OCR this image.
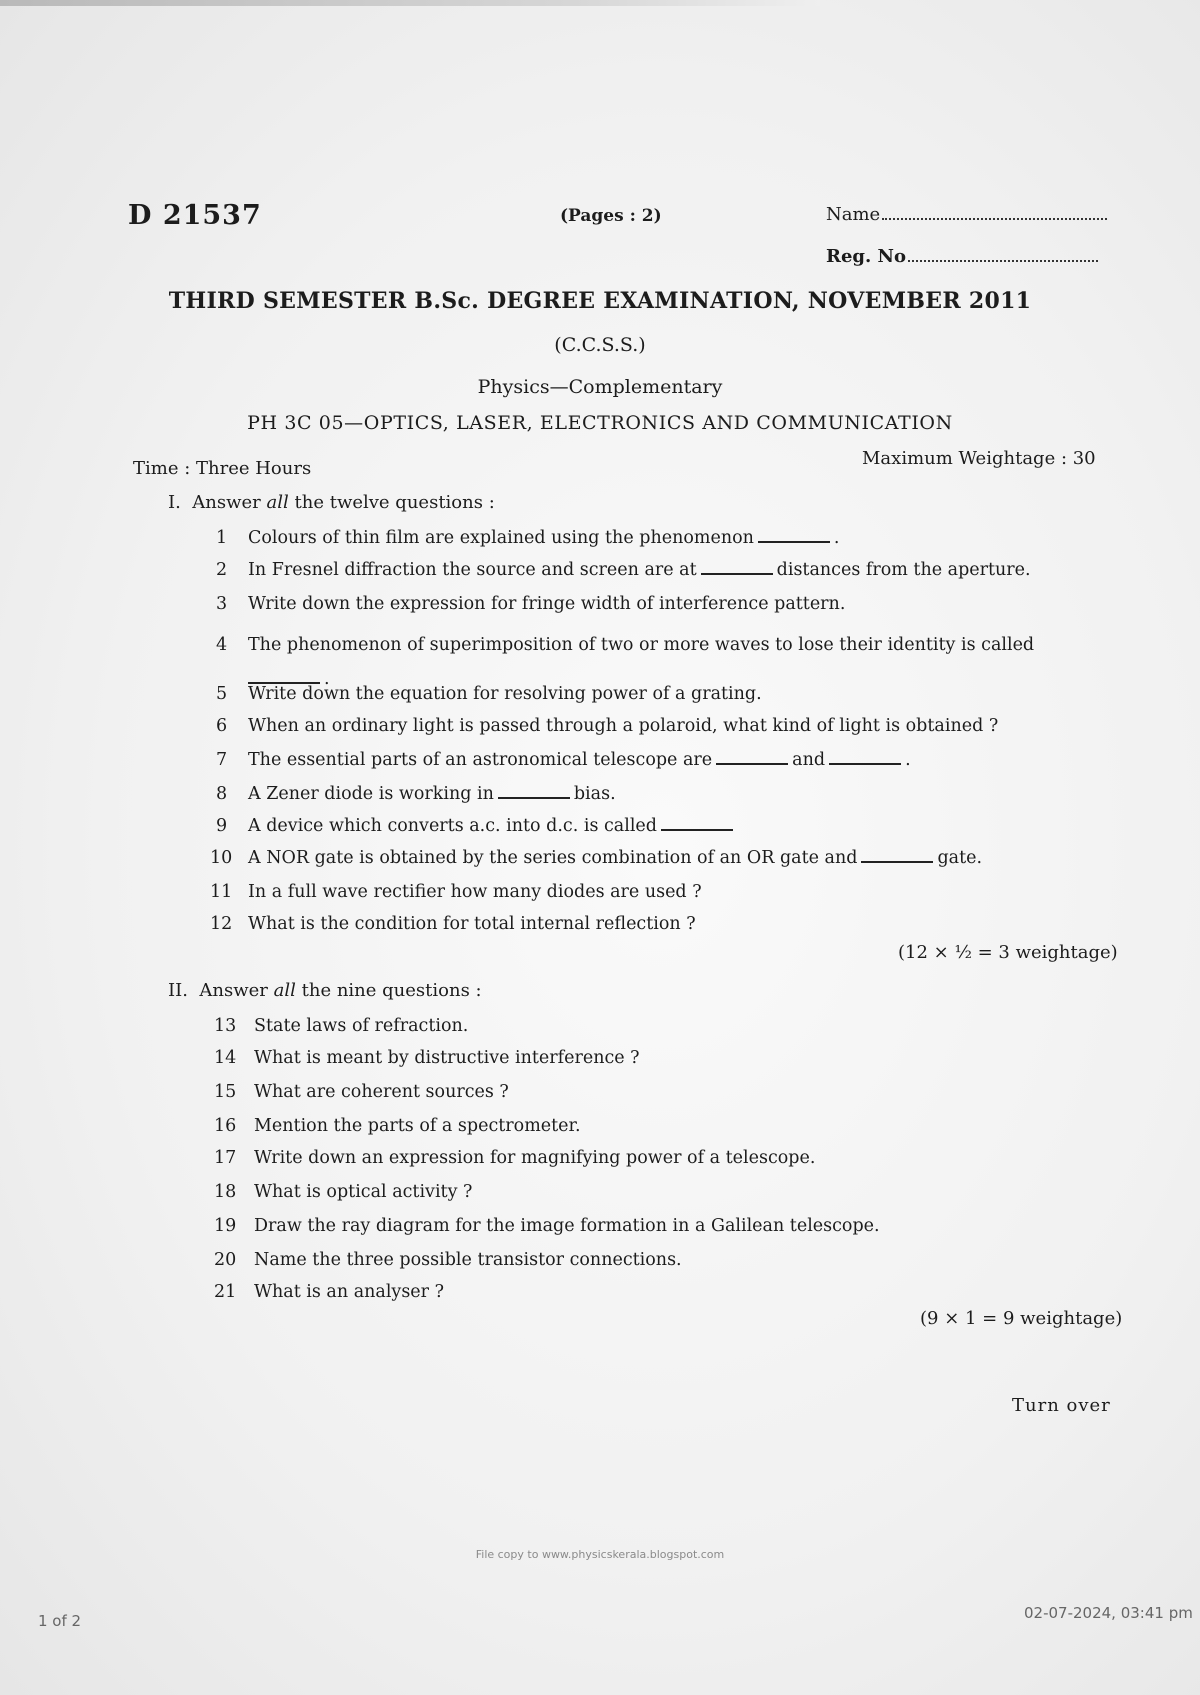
D 21537	(Pages : 2)	Name
Reg. No
THIRD SEMESTER B.Sc. DEGREE EXAMINATION, NOVEMBER 2011
(C.C.S.S.)
Physics—Complementary
PH 3C 05—OPTICS, LASER, ELECTRONICS AND COMMUNICATION
Time : Three Hours	Maximum Weightage : 30
I. Answer all the twelve questions :
1 Colours of thin film are explained using the phenomenon	.
2 In Fresnel diffraction the source and screen are at	distances from the aperture.
3 Write down the expression for fringe width of interference pattern.
4 The phenomenon of superimposition of two or more waves to lose their identity is called
.
5 Write down the equation for resolving power of a grating.
6 When an ordinary light is passed through a polaroid, what kind of light is obtained ?
7 The essential parts of an astronomical telescope are	and	.
8 A Zener diode is working in	bias.
9 A device which converts a.c. into d.c. is called
10 A NOR gate is obtained by the series combination of an OR gate and	gate.
11 In a full wave rectifier how many diodes are used ?
12 What is the condition for total internal reflection ?
(12 × ½ = 3 weightage)
II. Answer all the nine questions :
13 State laws of refraction.
14 What is meant by distructive interference ?
15 What are coherent sources ?
16 Mention the parts of a spectrometer.
17 Write down an expression for magnifying power of a telescope.
18 What is optical activity ?
19 Draw the ray diagram for the image formation in a Galilean telescope.
20 Name the three possible transistor connections.
21 What is an analyser ?
(9 × 1 = 9 weightage)
Turn over
File copy to www.physicskerala.blogspot.com
1 of 2	02-07-2024, 03:41 pm
